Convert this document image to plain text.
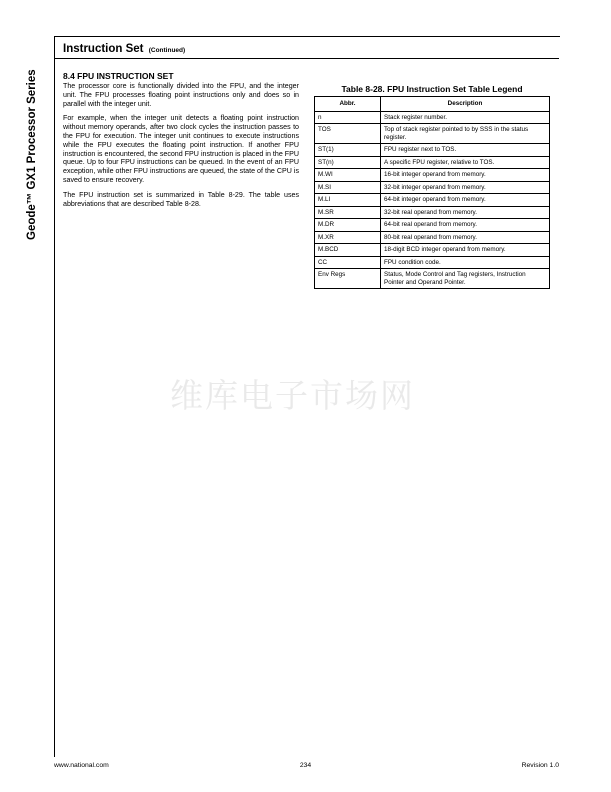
Geode™ GX1 Processor Series
Instruction Set (Continued)
8.4 FPU INSTRUCTION SET

The processor core is functionally divided into the FPU, and the integer unit. The FPU processes floating point instructions only and does so in parallel with the integer unit.

For example, when the integer unit detects a floating point instruction without memory operands, after two clock cycles the instruction passes to the FPU for execution. The integer unit continues to execute instructions while the FPU executes the floating point instruction. If another FPU instruction is encountered, the second FPU instruction is placed in the FPU queue. Up to four FPU instructions can be queued. In the event of an FPU exception, while other FPU instructions are queued, the state of the CPU is saved to ensure recovery.

The FPU instruction set is summarized in Table 8-29. The table uses abbreviations that are described Table 8-28.

Table 8-28. FPU Instruction Set Table Legend
Abbr.	Description
n	Stack register number.
TOS	Top of stack register pointed to by SSS in the status register.
ST(1)	FPU register next to TOS.
ST(n)	A specific FPU register, relative to TOS.
M.WI	16-bit integer operand from memory.
M.SI	32-bit integer operand from memory.
M.LI	64-bit integer operand from memory.
M.SR	32-bit real operand from memory.
M.DR	64-bit real operand from memory.
M.XR	80-bit real operand from memory.
M.BCD	18-digit BCD integer operand from memory.
CC	FPU condition code.
Env Regs	Status, Mode Control and Tag registers, Instruction Pointer and Operand Pointer.
维库电子市场网
www.national.com	234	Revision 1.0
